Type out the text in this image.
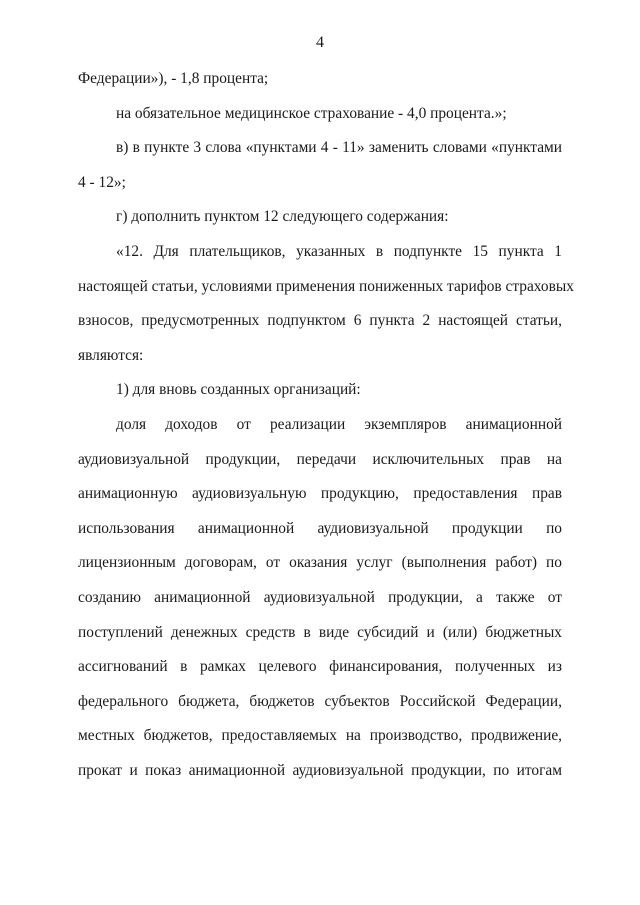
4
Федерации»), - 1,8 процента;
на обязательное медицинское страхование - 4,0 процента.»;
в) в пункте 3 слова «пунктами 4 - 11» заменить словами «пунктами
4 - 12»;
г) дополнить пунктом 12 следующего содержания:
«12. Для плательщиков, указанных в подпункте 15 пункта 1
настоящей статьи, условиями применения пониженных тарифов страховых
взносов, предусмотренных подпунктом 6 пункта 2 настоящей статьи,
являются:
1) для вновь созданных организаций:
доля доходов от реализации экземпляров анимационной
аудиовизуальной продукции, передачи исключительных прав на
анимационную аудиовизуальную продукцию, предоставления прав
использования анимационной аудиовизуальной продукции по
лицензионным договорам, от оказания услуг (выполнения работ) по
созданию анимационной аудиовизуальной продукции, а также от
поступлений денежных средств в виде субсидий и (или) бюджетных
ассигнований в рамках целевого финансирования, полученных из
федерального бюджета, бюджетов субъектов Российской Федерации,
местных бюджетов, предоставляемых на производство, продвижение,
прокат и показ анимационной аудиовизуальной продукции, по итогам
